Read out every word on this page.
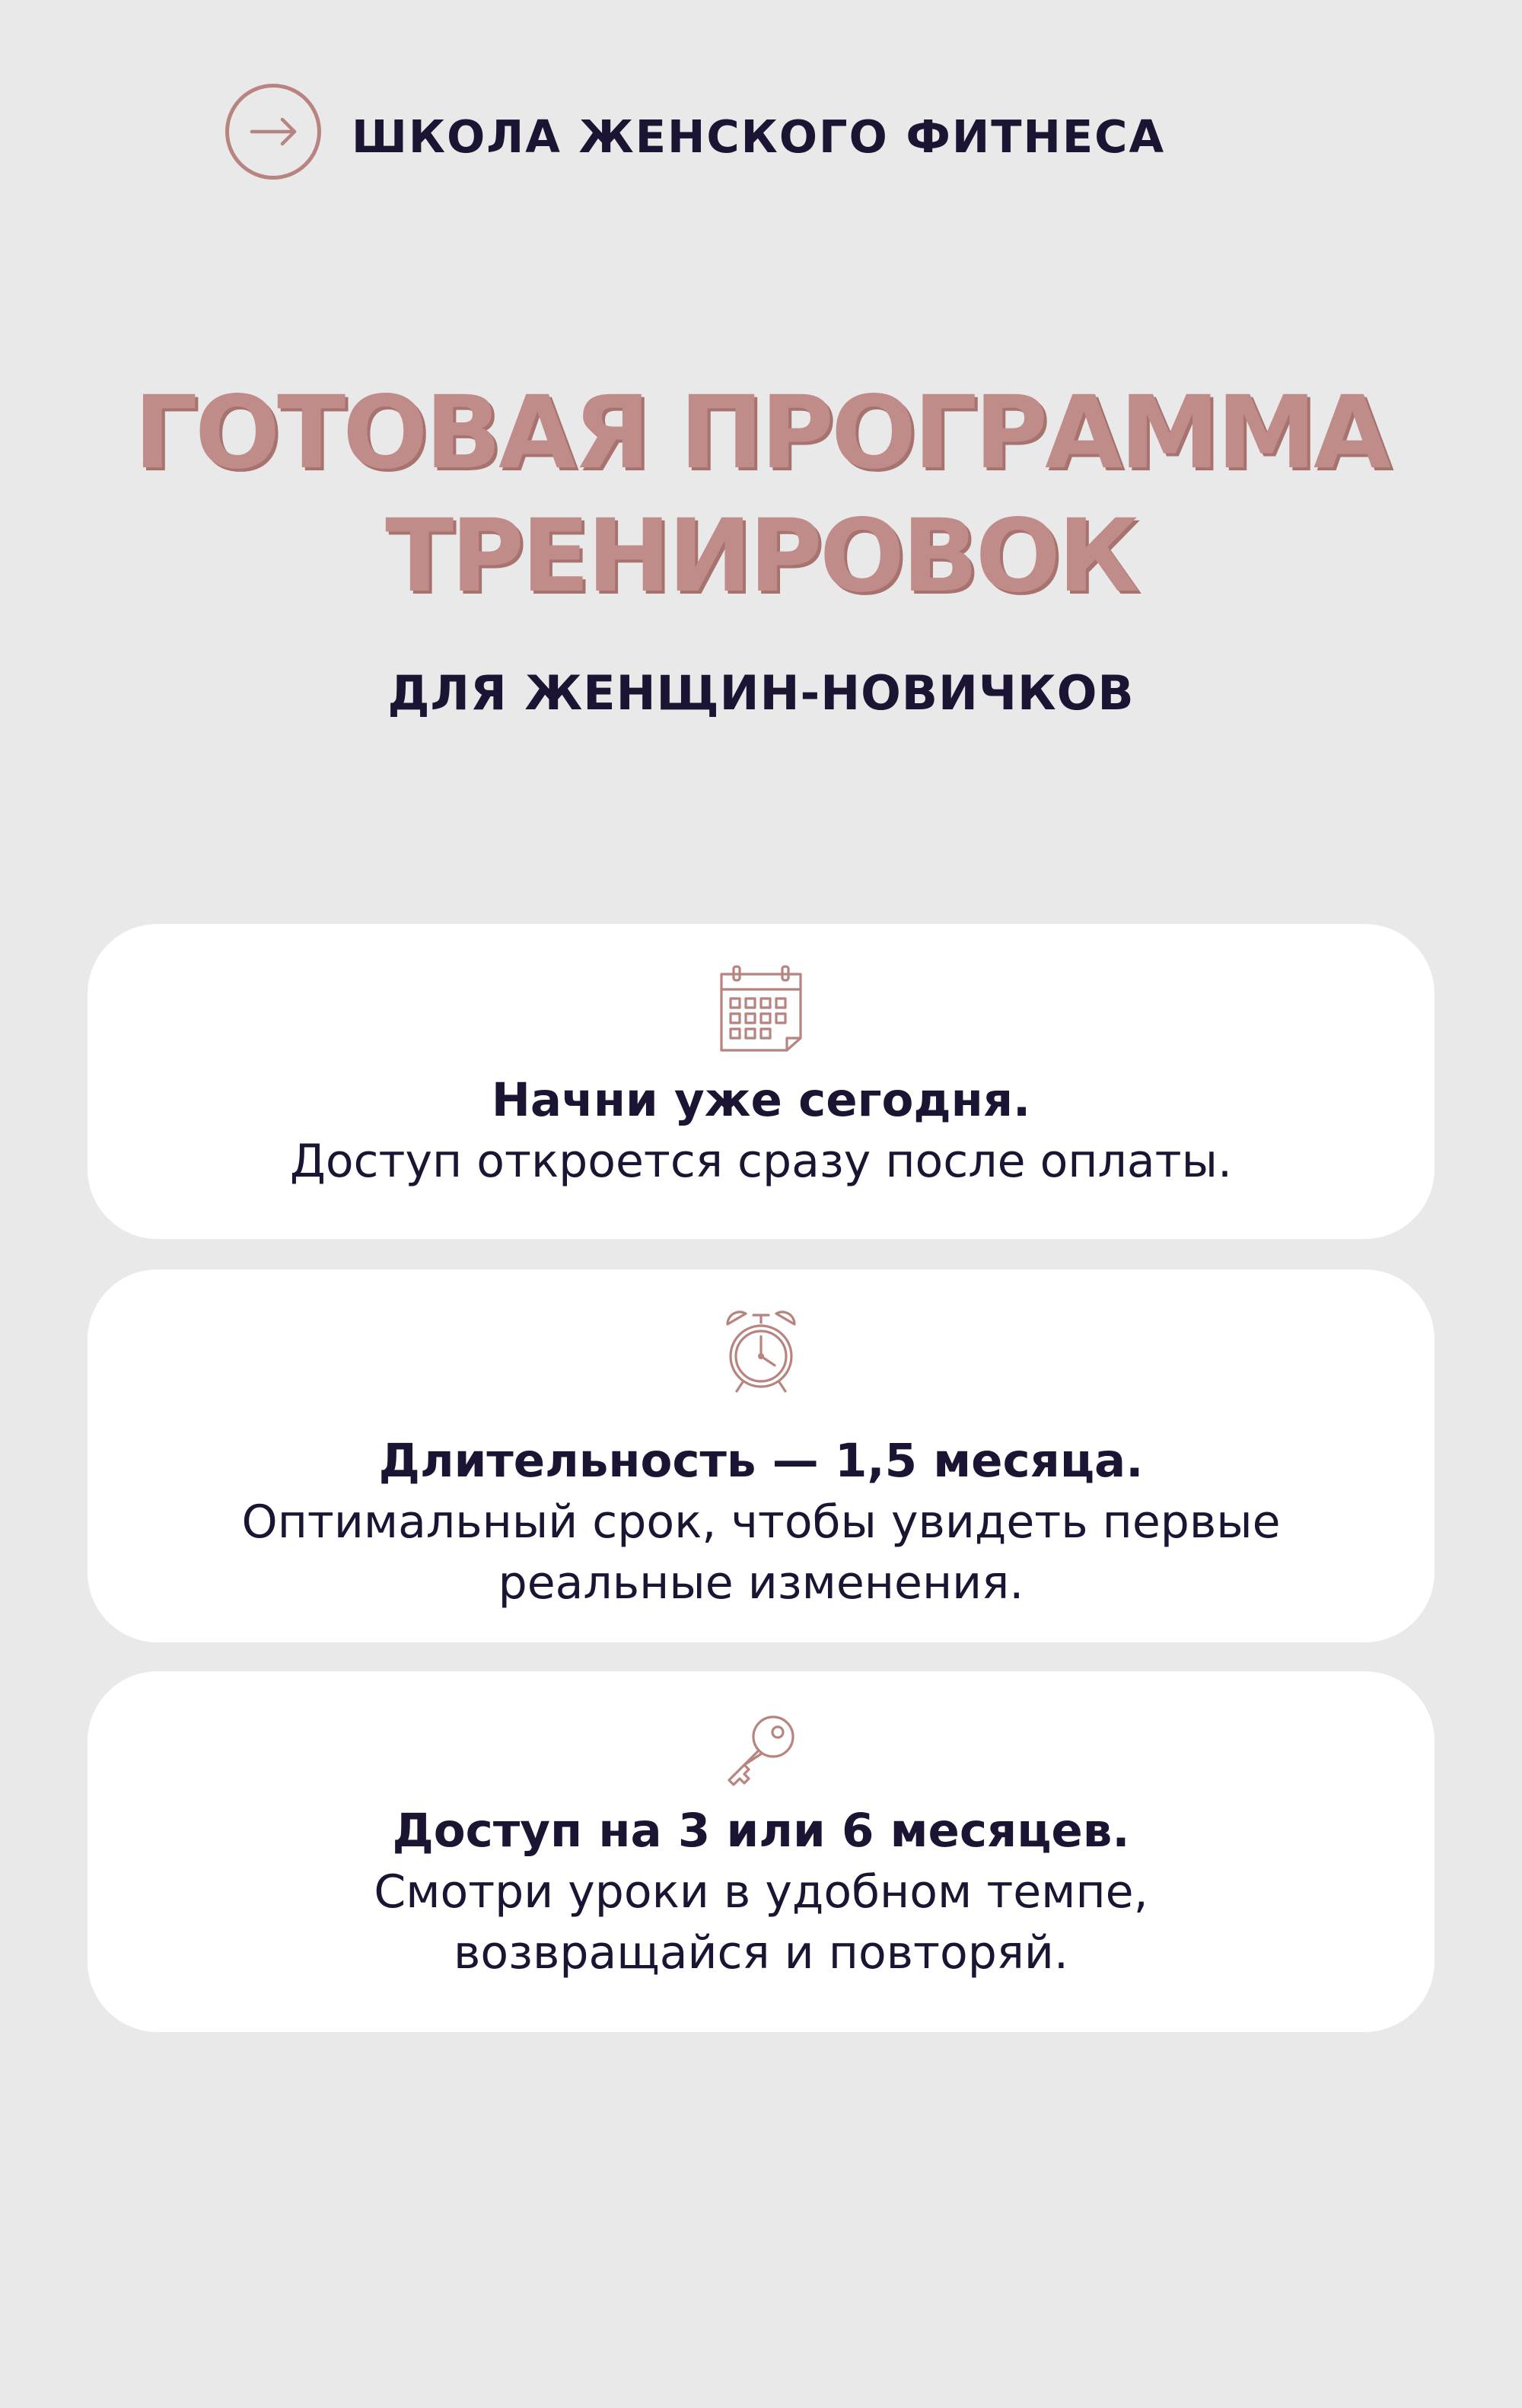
ШКОЛА ЖЕНСКОГО ФИТНЕСА
ГОТОВАЯ ПРОГРАММА
ТРЕНИРОВОК
ДЛЯ ЖЕНЩИН-НОВИЧКОВ
Начни уже сегодня.
Доступ откроется сразу после оплаты.
Длительность — 1,5 месяца.
Оптимальный срок, чтобы увидеть первые
реальные изменения.
Доступ на 3 или 6 месяцев.
Смотри уроки в удобном темпе,
возвращайся и повторяй.
